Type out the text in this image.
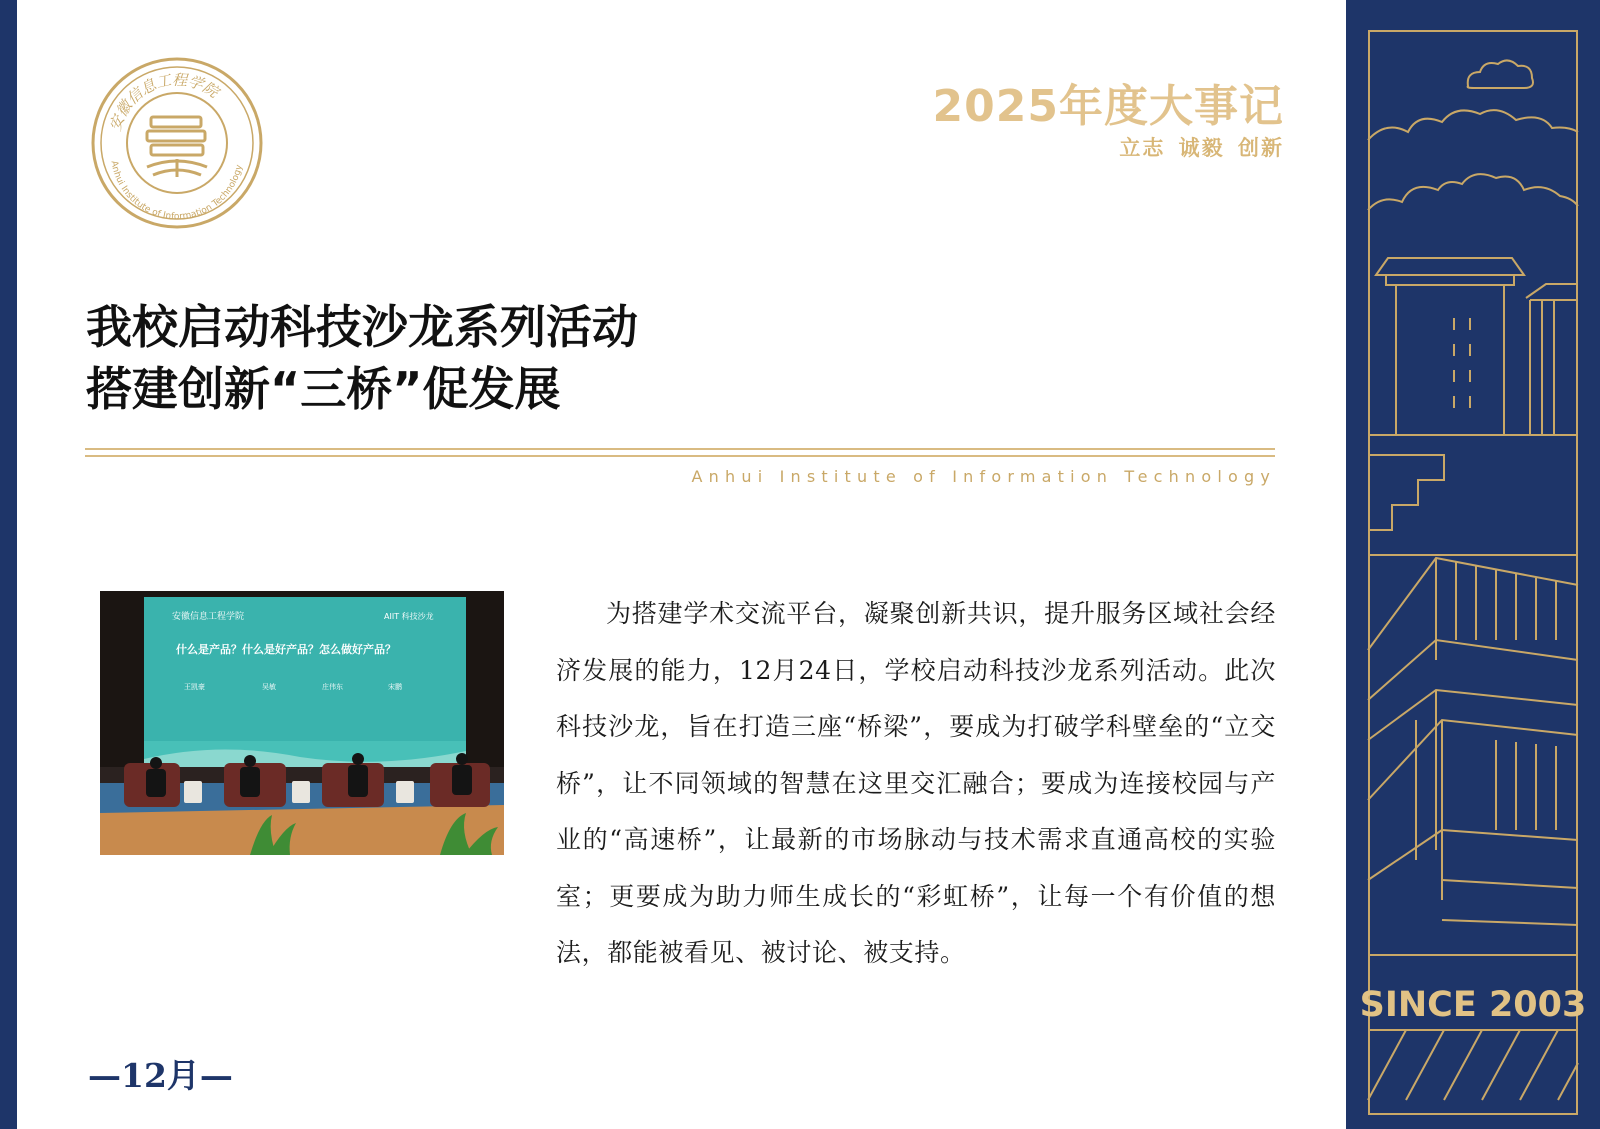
SINCE 2003
安徽信息工程学院
Anhui Institute of Information Technology
2025年度大事记
立志 诚毅 创新
我校启动科技沙龙系列活动
搭建创新“三桥”促发展
Anhui Institute of Information Technology
安徽信息工程学院	AIIT 科技沙龙
什么是产品？什么是好产品？怎么做好产品？
王凯豪	吴敏	庄伟东	宋鹏

为搭建学术交流平台，凝聚创新共识，提升服务区域社会经济发展的能力，12月24日，学校启动科技沙龙系列活动。此次科技沙龙，旨在打造三座“桥梁”，要成为打破学科壁垒的“立交桥”，让不同领域的智慧在这里交汇融合；要成为连接校园与产业的“高速桥”，让最新的市场脉动与技术需求直通高校的实验室；更要成为助力师生成长的“彩虹桥”，让每一个有价值的想法，都能被看见、被讨论、被支持。

—12月—
